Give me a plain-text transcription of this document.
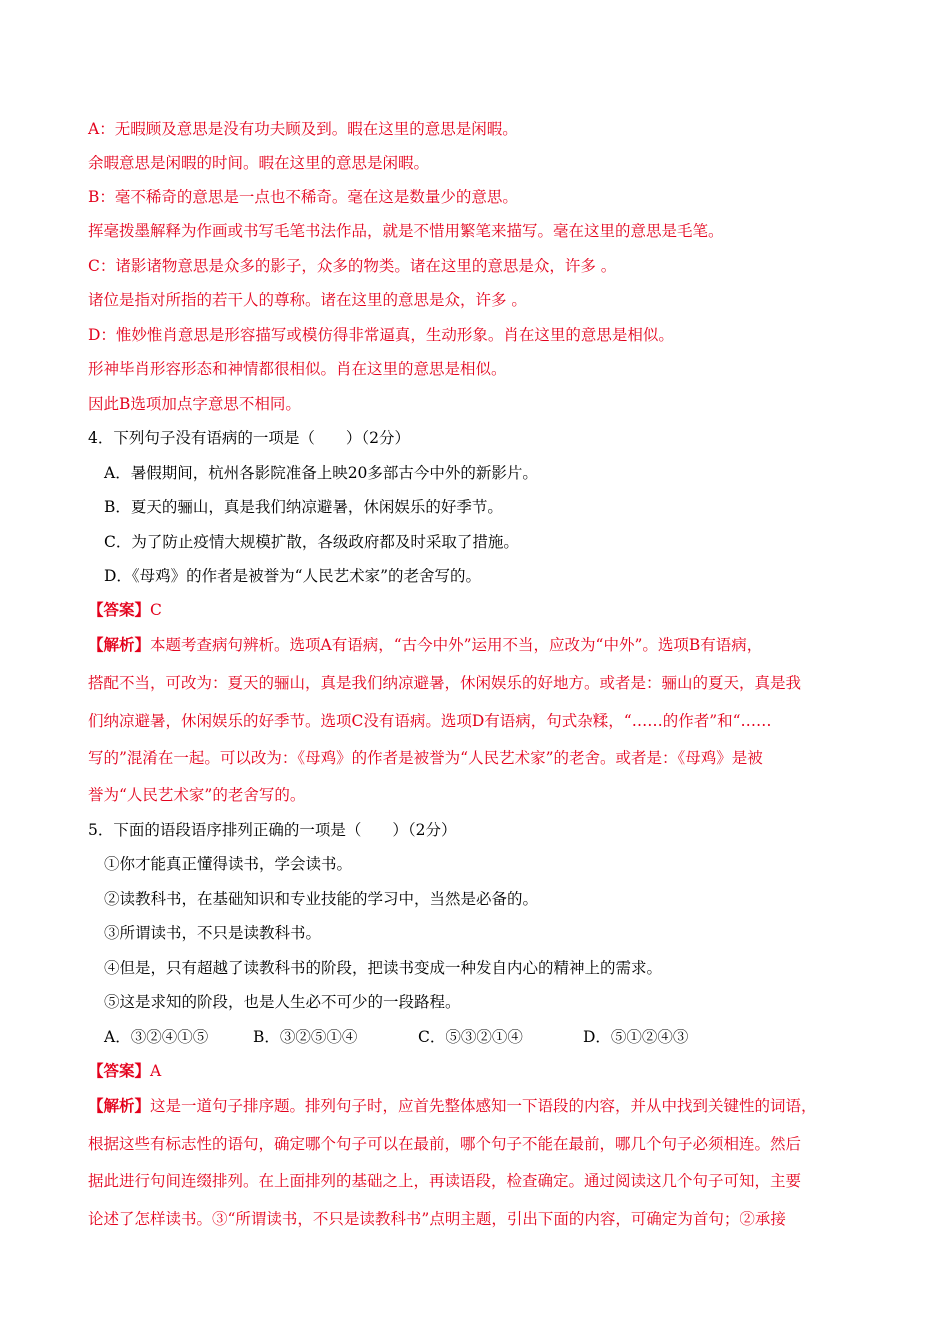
A：无暇顾及意思是没有功夫顾及到。暇在这里的意思是闲暇。
余暇意思是闲暇的时间。暇在这里的意思是闲暇。
B：毫不稀奇的意思是一点也不稀奇。毫在这是数量少的意思。
挥毫拨墨解释为作画或书写毛笔书法作品，就是不惜用繁笔来描写。毫在这里的意思是毛笔。
C：诸影诸物意思是众多的影子，众多的物类。诸在这里的意思是众，许多 。
诸位是指对所指的若干人的尊称。诸在这里的意思是众，许多 。
D：惟妙惟肖意思是形容描写或模仿得非常逼真，生动形象。肖在这里的意思是相似。
形神毕肖形容形态和神情都很相似。肖在这里的意思是相似。
因此B选项加点字意思不相同。
4．下列句子没有语病的一项是（　　）（2分）
A．暑假期间，杭州各影院准备上映20多部古今中外的新影片。
B．夏天的骊山，真是我们纳凉避暑，休闲娱乐的好季节。
C．为了防止疫情大规模扩散，各级政府都及时采取了措施。
D．《母鸡》的作者是被誉为“人民艺术家”的老舍写的。
【答案】C
【解析】本题考查病句辨析。选项A有语病，“古今中外”运用不当，应改为“中外”。选项B有语病，
搭配不当，可改为：夏天的骊山，真是我们纳凉避暑，休闲娱乐的好地方。或者是：骊山的夏天，真是我
们纳凉避暑，休闲娱乐的好季节。选项C没有语病。选项D有语病，句式杂糅，“……的作者”和“……
写的”混淆在一起。可以改为：《母鸡》的作者是被誉为“人民艺术家”的老舍。或者是：《母鸡》是被
誉为“人民艺术家”的老舍写的。
5．下面的语段语序排列正确的一项是（　　）（2分）
①你才能真正懂得读书，学会读书。
②读教科书，在基础知识和专业技能的学习中，当然是必备的。
③所谓读书，不只是读教科书。
④但是，只有超越了读教科书的阶段，把读书变成一种发自内心的精神上的需求。
⑤这是求知的阶段，也是人生必不可少的一段路程。
A．③②④①⑤	B．③②⑤①④	C．⑤③②①④	D．⑤①②④③
【答案】A
【解析】这是一道句子排序题。排列句子时，应首先整体感知一下语段的内容，并从中找到关键性的词语，
根据这些有标志性的语句，确定哪个句子可以在最前，哪个句子不能在最前，哪几个句子必须相连。然后
据此进行句间连缀排列。在上面排列的基础之上，再读语段，检查确定。通过阅读这几个句子可知，主要
论述了怎样读书。③“所谓读书，不只是读教科书”点明主题，引出下面的内容，可确定为首句；②承接
